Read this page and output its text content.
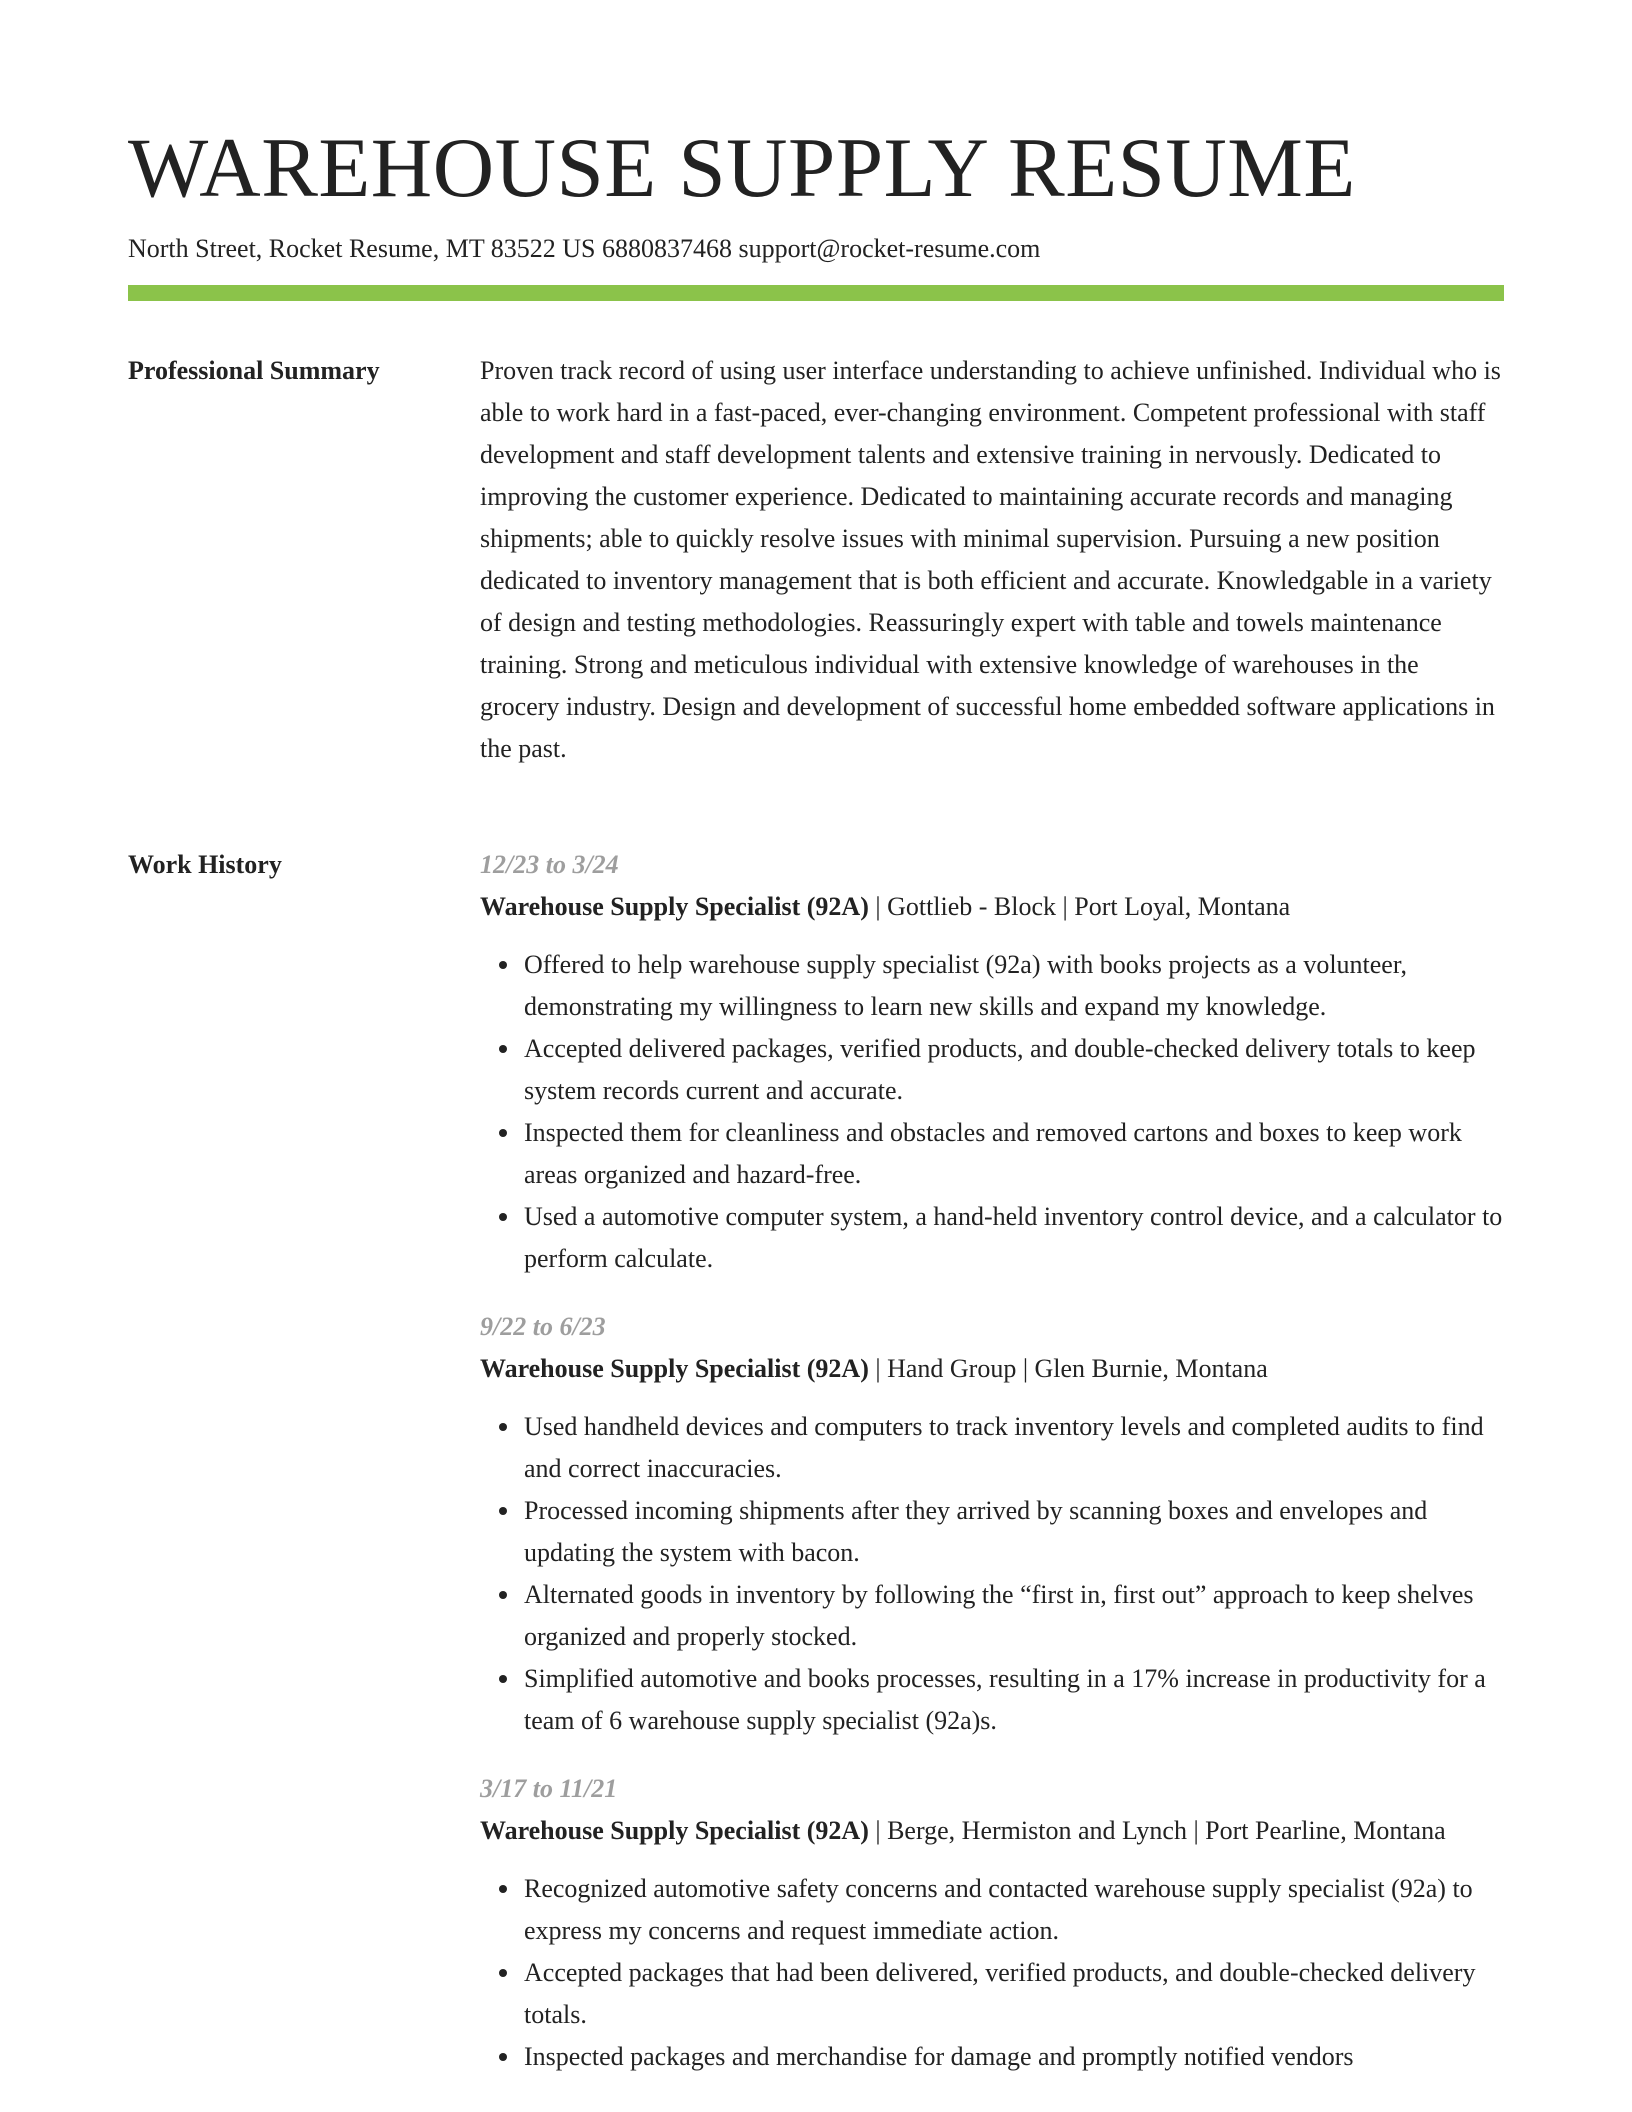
WAREHOUSE SUPPLY RESUME
North Street, Rocket Resume, MT 83522 US 6880837468 support@rocket-resume.com
Professional Summary	Proven track record of using user interface understanding to achieve unfinished. Individual who is able to work hard in a fast-paced, ever-changing environment. Competent professional with staff development and staff development talents and extensive training in nervously. Dedicated to improving the customer experience. Dedicated to maintaining accurate records and managing shipments; able to quickly resolve issues with minimal supervision. Pursuing a new position dedicated to inventory management that is both efficient and accurate. Knowledgable in a variety of design and testing methodologies. Reassuringly expert with table and towels maintenance training. Strong and meticulous individual with extensive knowledge of warehouses in the grocery industry. Design and development of successful home embedded software applications in the past.

Work History	12/23 to 3/24
Warehouse Supply Specialist (92A) | Gottlieb - Block | Port Loyal, Montana
Offered to help warehouse supply specialist (92a) with books projects as a volunteer, demonstrating my willingness to learn new skills and expand my knowledge.
Accepted delivered packages, verified products, and double-checked delivery totals to keep system records current and accurate.
Inspected them for cleanliness and obstacles and removed cartons and boxes to keep work areas organized and hazard-free.
Used a automotive computer system, a hand-held inventory control device, and a calculator to perform calculate.
9/22 to 6/23
Warehouse Supply Specialist (92A) | Hand Group | Glen Burnie, Montana
Used handheld devices and computers to track inventory levels and completed audits to find and correct inaccuracies.
Processed incoming shipments after they arrived by scanning boxes and envelopes and updating the system with bacon.
Alternated goods in inventory by following the “first in, first out” approach to keep shelves organized and properly stocked.
Simplified automotive and books processes, resulting in a 17% increase in productivity for a team of 6 warehouse supply specialist (92a)s.
3/17 to 11/21
Warehouse Supply Specialist (92A) | Berge, Hermiston and Lynch | Port Pearline, Montana
Recognized automotive safety concerns and contacted warehouse supply specialist (92a) to express my concerns and request immediate action.
Accepted packages that had been delivered, verified products, and double-checked delivery totals.
Inspected packages and merchandise for damage and promptly notified vendors
